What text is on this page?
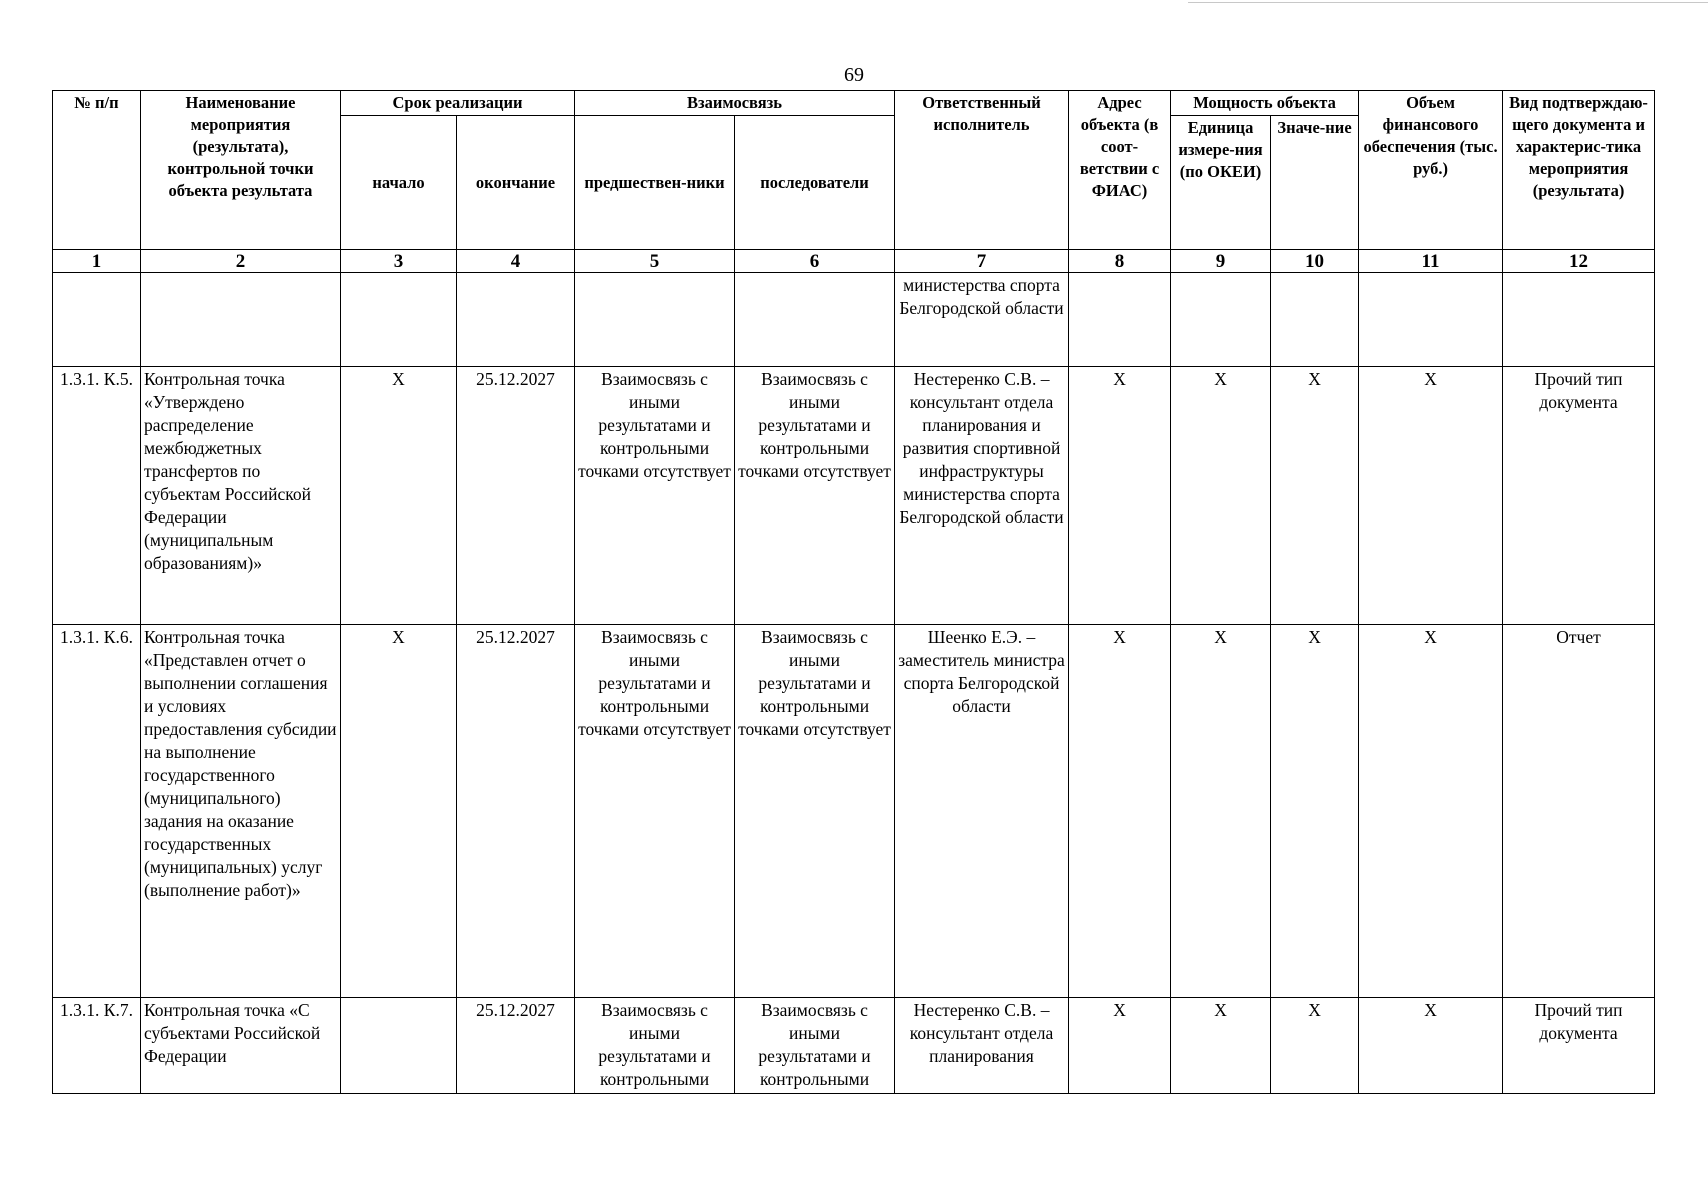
69
№ п/п	Наименование мероприятия (результата), контрольной точки объекта результата	Срок реализации		Взаимосвязь		Ответственный исполнитель	Адрес объекта (в соот-ветствии с ФИАС)	Мощность объекта		Объем финансового обеспечения (тыс. руб.)	Вид подтверждаю-щего документа и характерис-тика мероприятия (результата)
		начало	окончание	предшествен-ники	последователи			Единица измере-ния (по ОКЕИ)	Значе-ние		
1	2	3	4	5	6	7	8	9	10	11	12
						министерства спорта Белгородской области					
1.3.1. К.5.	Контрольная точка «Утверждено распределение межбюджетных трансфертов по субъектам Российской Федерации (муниципальным образованиям)»	X	25.12.2027	Взаимосвязь с иными результатами и контрольными точками отсутствует	Взаимосвязь с иными результатами и контрольными точками отсутствует	Нестеренко С.В. – консультант отдела планирования и развития спортивной инфраструктуры министерства спорта Белгородской области	X	X	X	X	Прочий тип документа
1.3.1. К.6.	Контрольная точка «Представлен отчет о выполнении соглашения и условиях предоставления субсидии на выполнение государственного (муниципального) задания на оказание государственных (муниципальных) услуг (выполнение работ)»	X	25.12.2027	Взаимосвязь с иными результатами и контрольными точками отсутствует	Взаимосвязь с иными результатами и контрольными точками отсутствует	Шеенко Е.Э. – заместитель министра спорта Белгородской области	X	X	X	X	Отчет
1.3.1. К.7.	Контрольная точка «С субъектами Российской Федерации		25.12.2027	Взаимосвязь с иными результатами и контрольными	Взаимосвязь с иными результатами и контрольными	Нестеренко С.В. – консультант отдела планирования	X	X	X	X	Прочий тип документа
